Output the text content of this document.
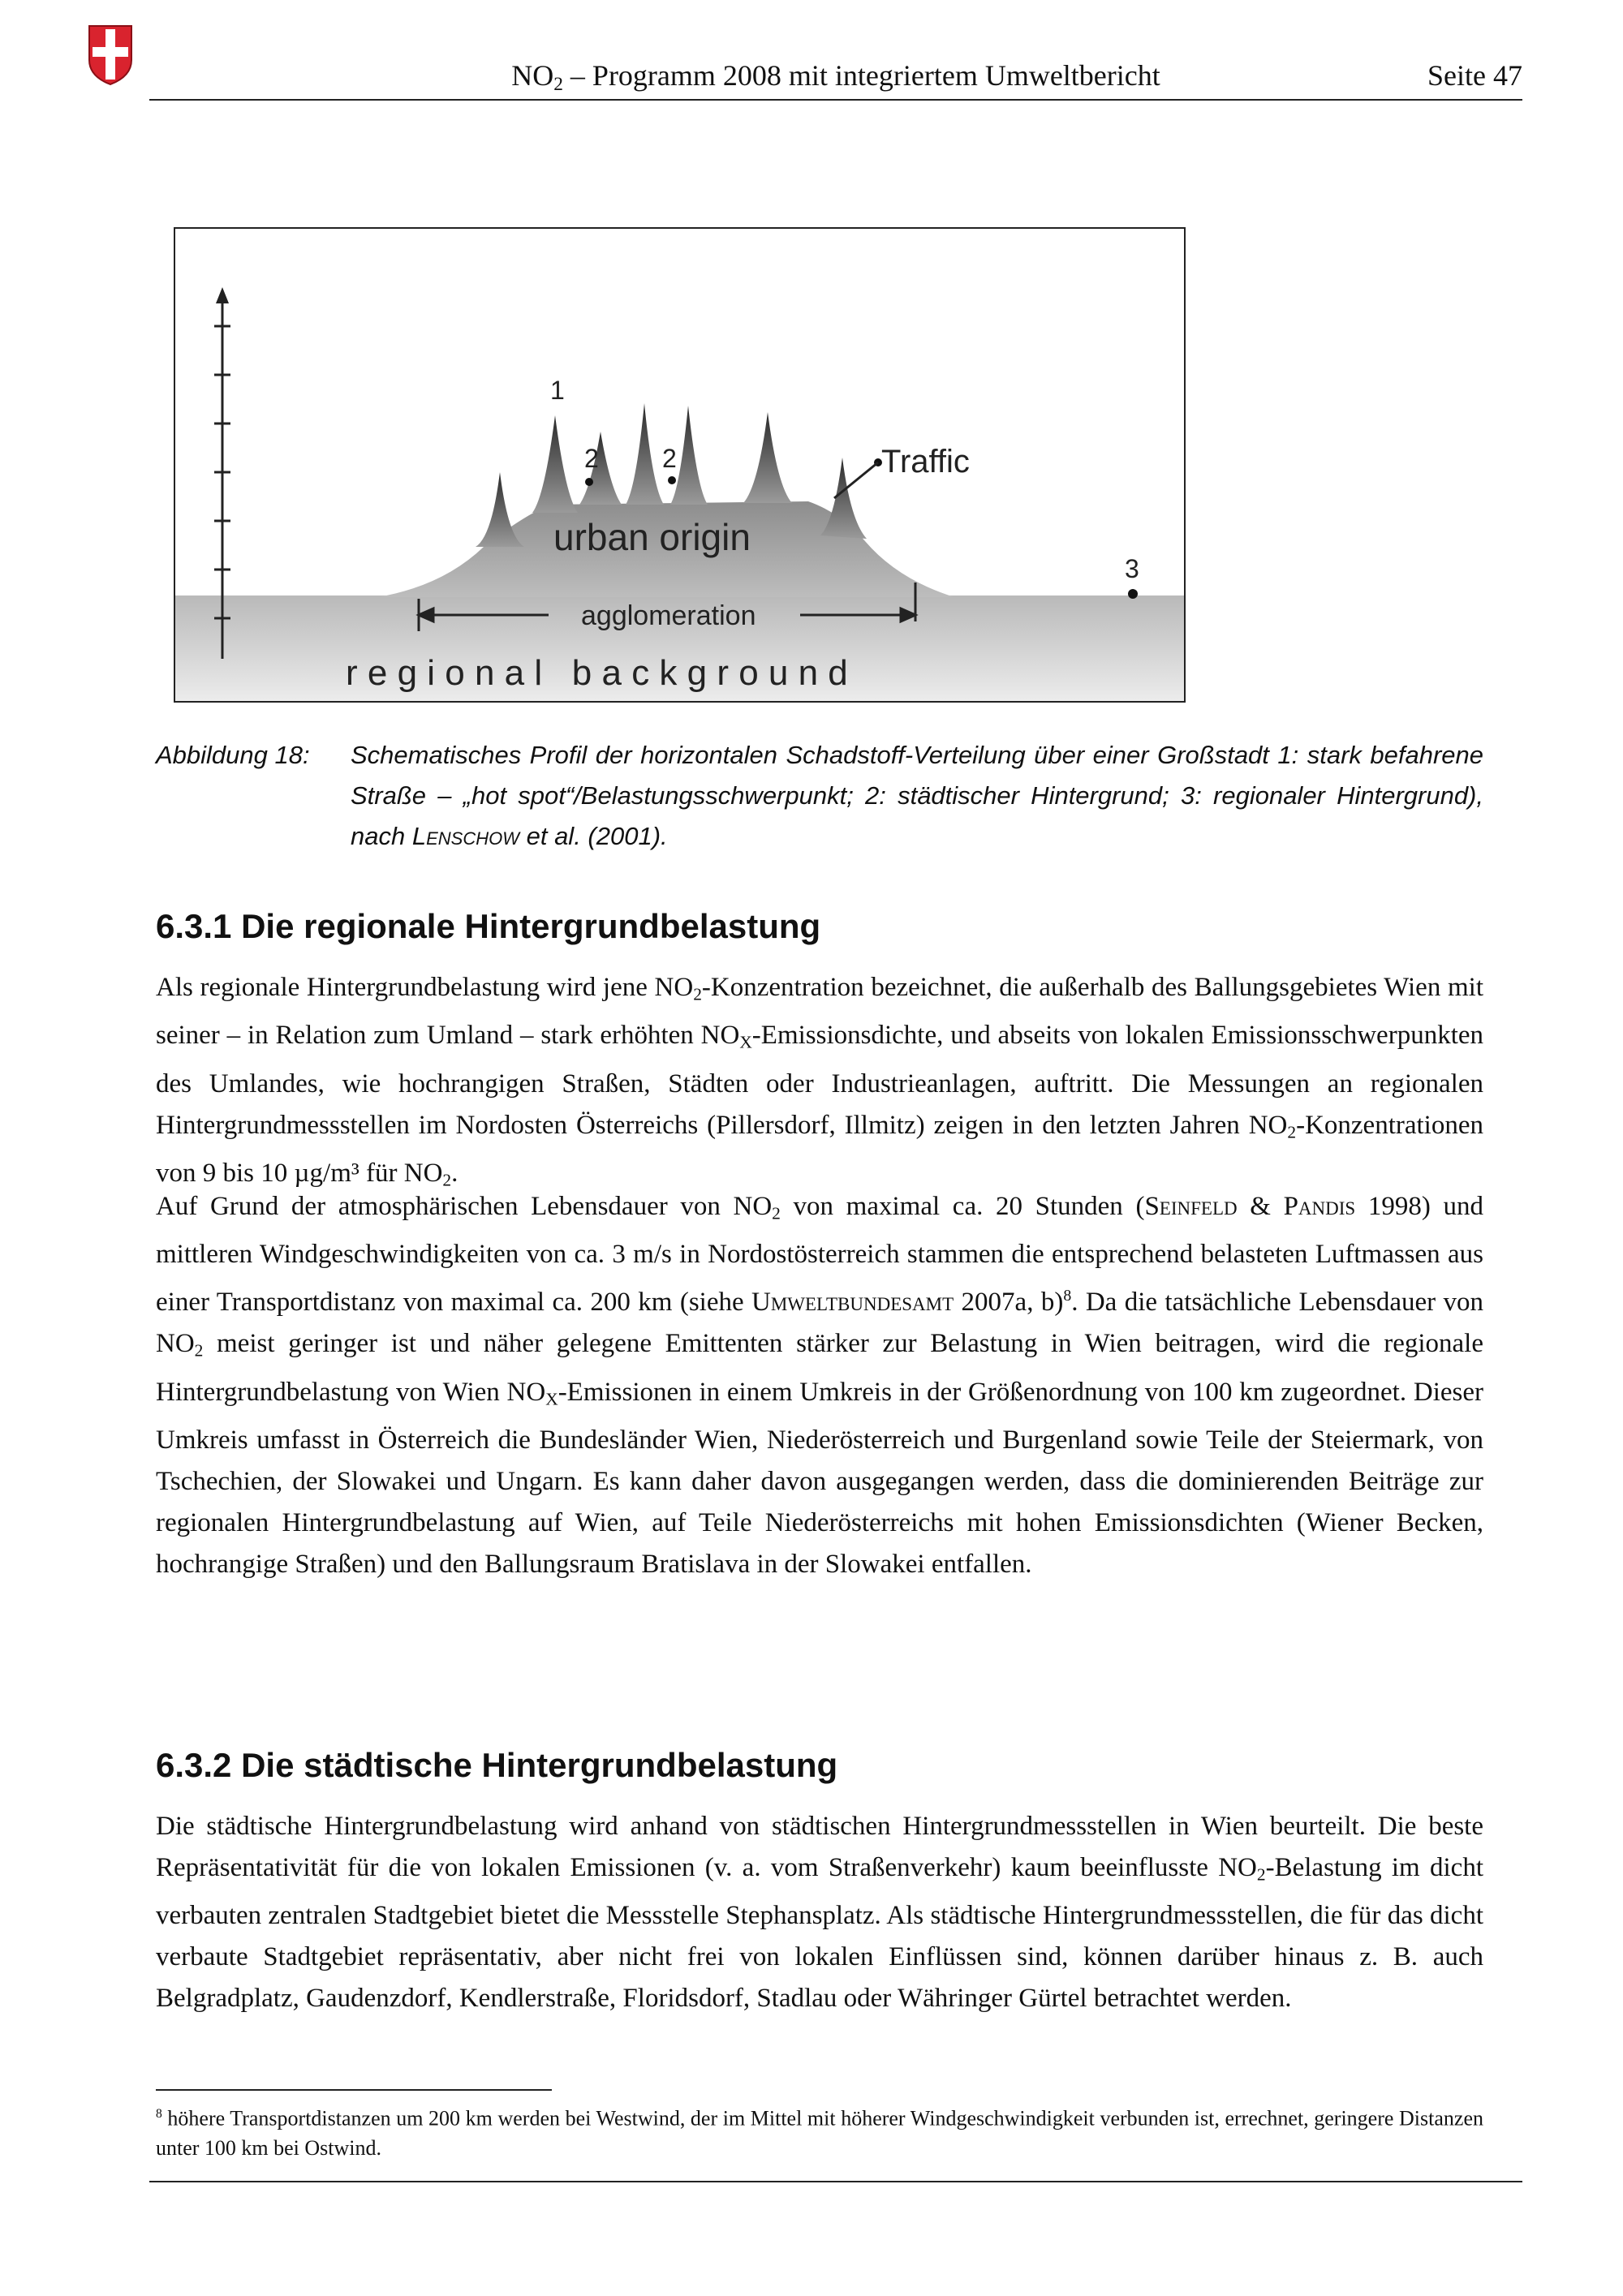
$NO_2$ – Programm 2008 mit integriertem Umweltbericht	Seite 47
1
2 2
3
Traffic
urban origin
agglomeration
r e g i o n a l   b a c k g r o u n d
Abbildung 18: Schematisches Profil der horizontalen Schadstoff-Verteilung über einer Großstadt 1: stark befahrene Straße – „hot spot“/Belastungsschwerpunkt; 2: städtischer Hintergrund; 3: regionaler Hintergrund), nach Lenschow et al. (2001).
6.3.1 Die regionale Hintergrundbelastung

Als regionale Hintergrundbelastung wird jene $NO_2$-Konzentration bezeichnet, die außerhalb des Ballungsgebietes Wien mit seiner – in Relation zum Umland – stark erhöhten $NO_X$-Emissionsdichte, und abseits von lokalen Emissionsschwerpunkten des Umlandes, wie hochrangigen Straßen, Städten oder Industrieanlagen, auftritt. Die Messungen an regionalen Hintergrundmessstellen im Nordosten Österreichs (Pillersdorf, Illmitz) zeigen in den letzten Jahren $NO_2$-Konzentrationen von 9 bis 10 µg/m³ für $NO_2$.

Auf Grund der atmosphärischen Lebensdauer von $NO_2$ von maximal ca. 20 Stunden (Seinfeld & Pandis 1998) und mittleren Windgeschwindigkeiten von ca. 3 m/s in Nordostösterreich stammen die entsprechend belasteten Luftmassen aus einer Transportdistanz von maximal ca. 200 km (siehe Umweltbundesamt 2007a, b)$^8$. Da die tatsächliche Lebensdauer von $NO_2$ meist geringer ist und näher gelegene Emittenten stärker zur Belastung in Wien beitragen, wird die regionale Hintergrundbelastung von Wien $NO_X$-Emissionen in einem Umkreis in der Größenordnung von 100 km zugeordnet. Dieser Umkreis umfasst in Österreich die Bundesländer Wien, Niederösterreich und Burgenland sowie Teile der Steiermark, von Tschechien, der Slowakei und Ungarn. Es kann daher davon ausgegangen werden, dass die dominierenden Beiträge zur regionalen Hintergrundbelastung auf Wien, auf Teile Niederösterreichs mit hohen Emissionsdichten (Wiener Becken, hochrangige Straßen) und den Ballungsraum Bratislava in der Slowakei entfallen.

6.3.2 Die städtische Hintergrundbelastung

Die städtische Hintergrundbelastung wird anhand von städtischen Hintergrundmessstellen in Wien beurteilt. Die beste Repräsentativität für die von lokalen Emissionen (v. a. vom Straßenverkehr) kaum beeinflusste $NO_2$-Belastung im dicht verbauten zentralen Stadtgebiet bietet die Messstelle Stephansplatz. Als städtische Hintergrundmessstellen, die für das dicht verbaute Stadtgebiet repräsentativ, aber nicht frei von lokalen Einflüssen sind, können darüber hinaus z. B. auch Belgradplatz, Gaudenzdorf, Kendlerstraße, Floridsdorf, Stadlau oder Währinger Gürtel betrachtet werden.

$^8$ höhere Transportdistanzen um 200 km werden bei Westwind, der im Mittel mit höherer Windgeschwindigkeit verbunden ist, errechnet, geringere Distanzen unter 100 km bei Ostwind.
